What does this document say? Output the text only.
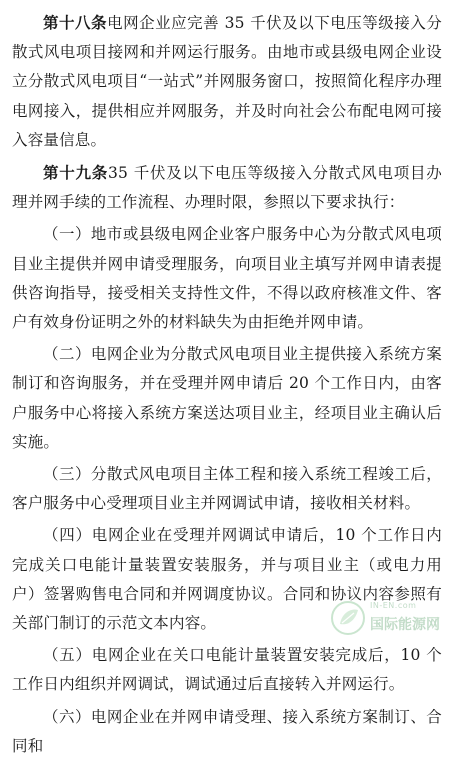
第十八条电网企业应完善 35 千伏及以下电压等级接入分散式风电项目接网和并网运行服务。由地市或县级电网企业设立分散式风电项目“一站式”并网服务窗口，按照简化程序办理电网接入，提供相应并网服务，并及时向社会公布配电网可接入容量信息。

第十九条35 千伏及以下电压等级接入分散式风电项目办理并网手续的工作流程、办理时限，参照以下要求执行：

（一）地市或县级电网企业客户服务中心为分散式风电项目业主提供并网申请受理服务，向项目业主填写并网申请表提供咨询指导，接受相关支持性文件，不得以政府核准文件、客户有效身份证明之外的材料缺失为由拒绝并网申请。

（二）电网企业为分散式风电项目业主提供接入系统方案制订和咨询服务，并在受理并网申请后 20 个工作日内，由客户服务中心将接入系统方案送达项目业主，经项目业主确认后实施。

（三）分散式风电项目主体工程和接入系统工程竣工后，客户服务中心受理项目业主并网调试申请，接收相关材料。

（四）电网企业在受理并网调试申请后，10 个工作日内完成关口电能计量装置安装服务，并与项目业主（或电力用户）签署购售电合同和并网调度协议。合同和协议内容参照有关部门制订的示范文本内容。

（五）电网企业在关口电能计量装置安装完成后，10 个工作日内组织并网调试，调试通过后直接转入并网运行。

（六）电网企业在并网申请受理、接入系统方案制订、合同和

IN-EN.com
国际能源网
